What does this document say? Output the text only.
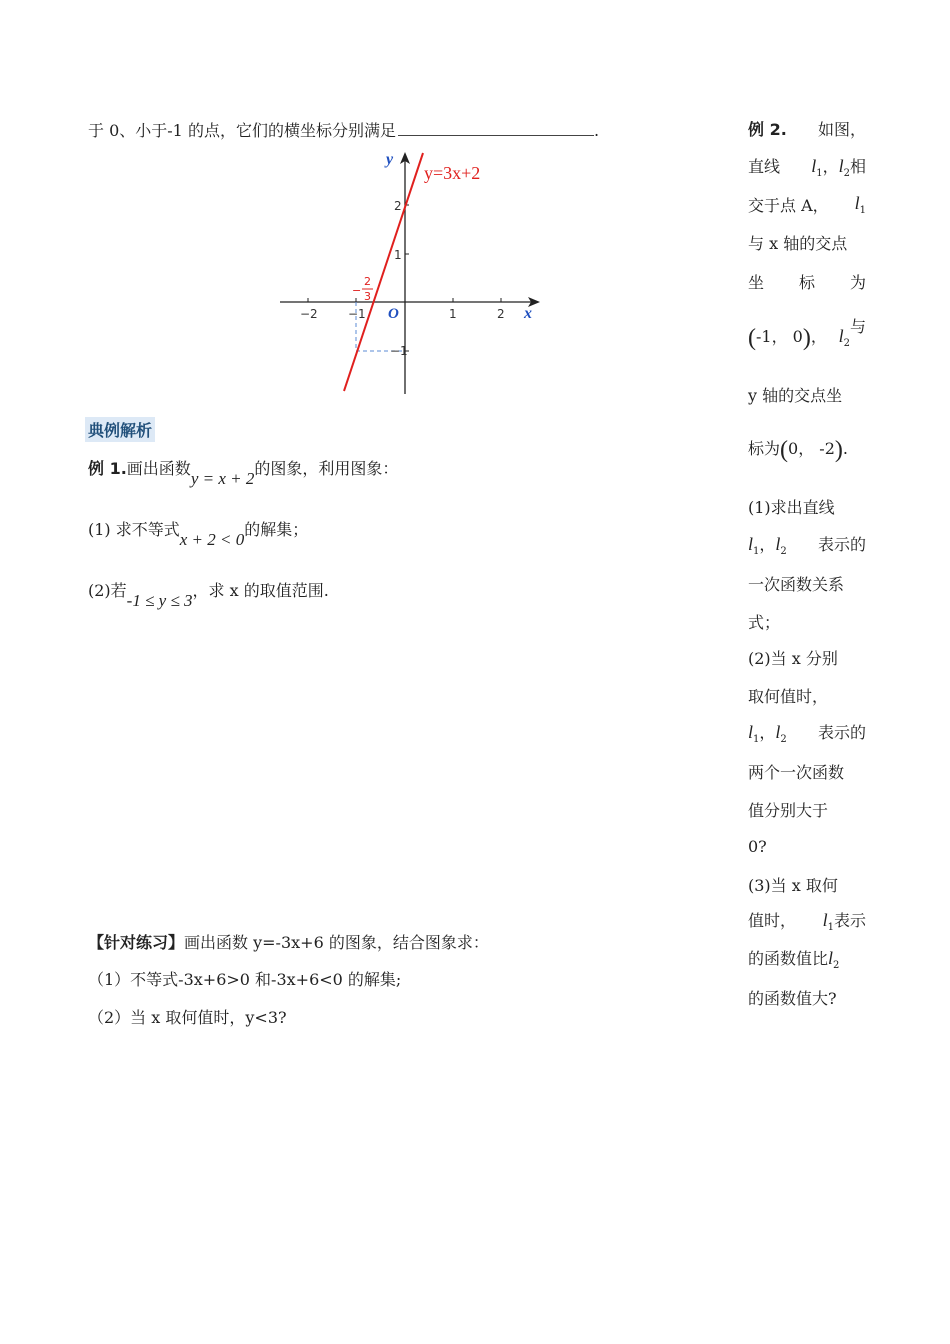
于 0、小于-1 的点，它们的横坐标分别满足	.
−2	−1	1	2
2
1
−1
O	x
y
y=3x+2
−
2
3
典例解析
例 1.画出函数y = x + 2的图象，利用图象：
(1) 求不等式x + 2 < 0的解集；
(2)若-1 ≤ y ≤ 3，求 x 的取值范围.
【针对练习】画出函数 y=-3x+6 的图象，结合图象求：
（1）不等式-3x+6>0 和-3x+6<0 的解集;
（2）当 x 取何值时，y<3?

例 2. 如图，

直线 $l_1$，$l_2$相

交于点 A， $l_1$

与 x 轴的交点

坐 标 为

(-1， 0)， $l_2$与

y 轴的交点坐
标为(0， -2).
(1)求出直线

$l_1$，$l_2$ 表示的

一次函数关系
式；
(2)当 x 分别
取何值时，

$l_1$，$l_2$ 表示的

两个一次函数
值分别大于
0?
(3)当 x 取何

值时， $l_1$表示

的函数值比$l_2$
的函数值大?
